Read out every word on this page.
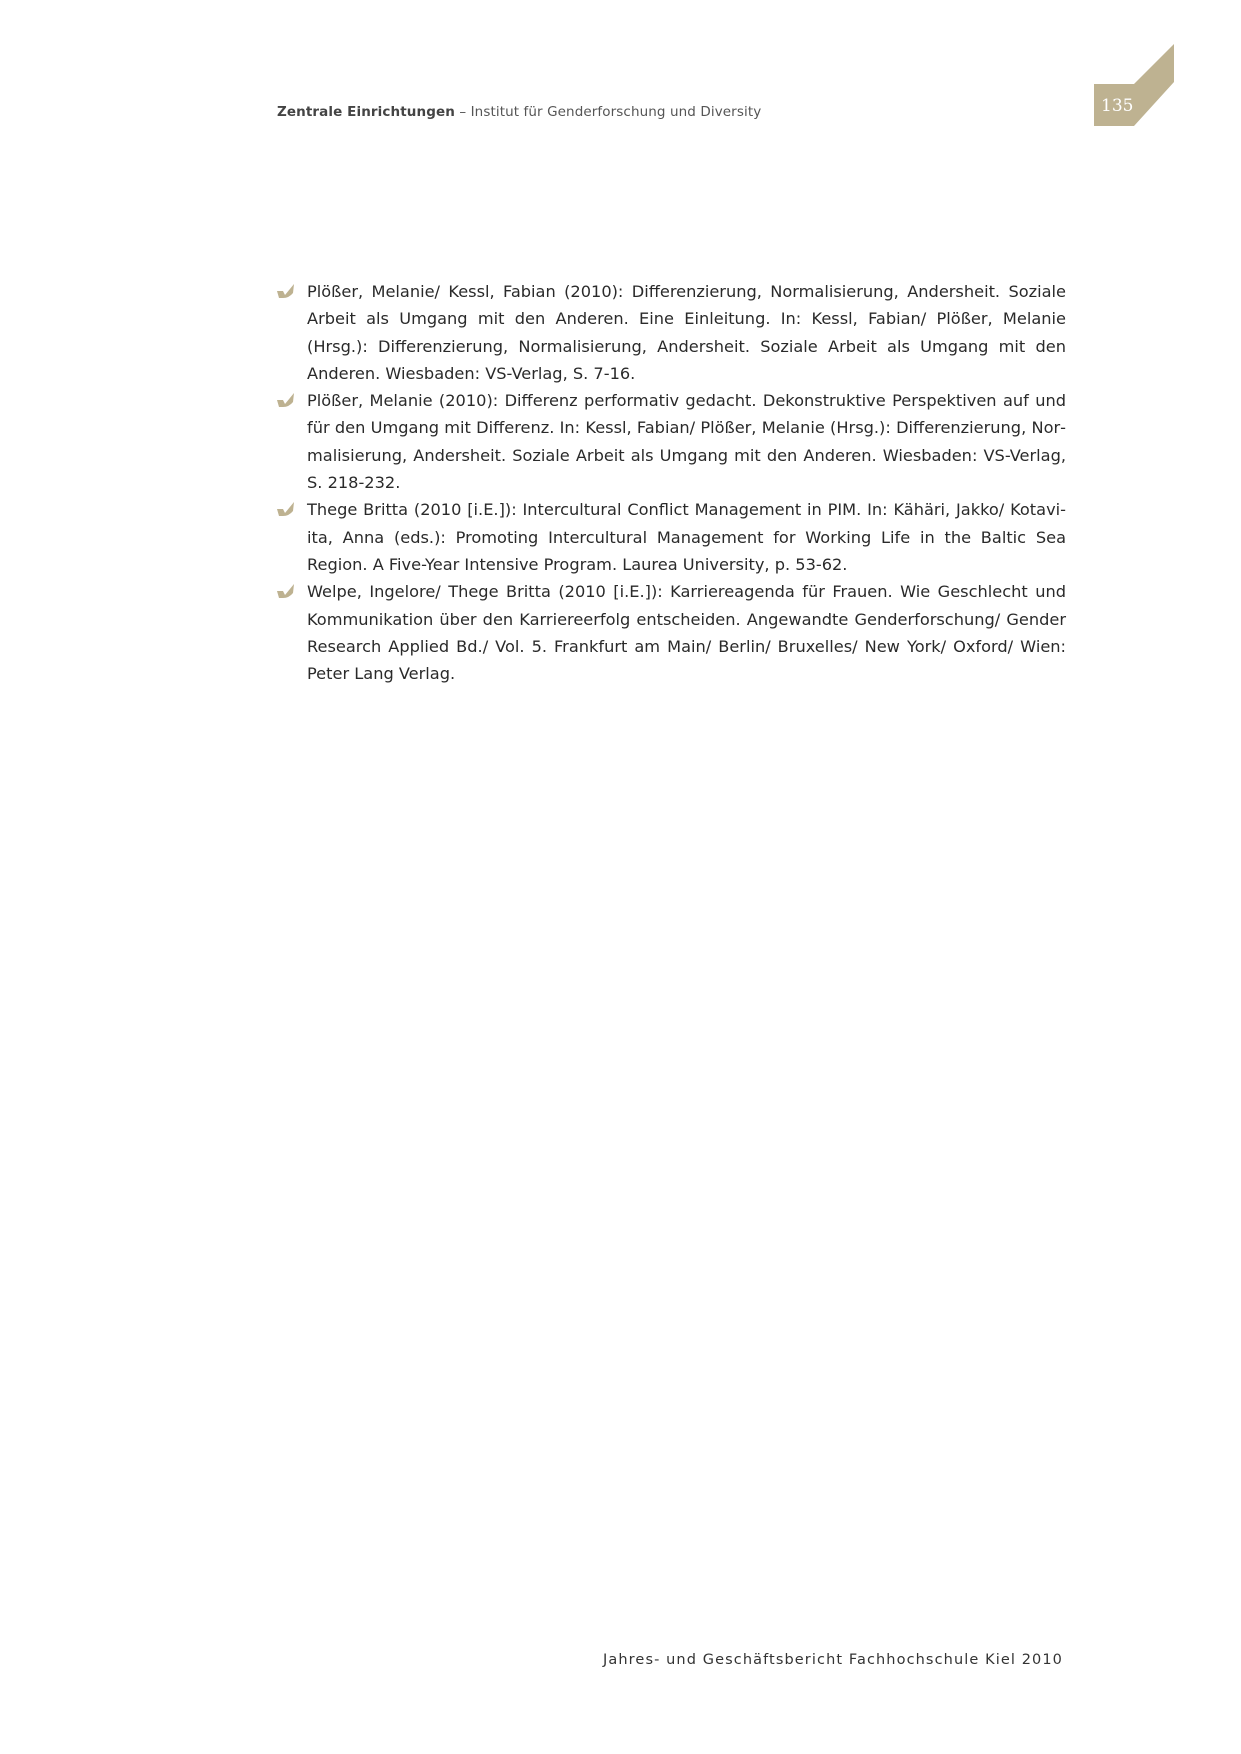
Zentrale Einrichtungen – Institut für Genderforschung und Diversity	135
Plößer, Melanie/ Kessl, Fabian (2010): Differenzierung, Normalisierung, Andersheit. Soziale Arbeit als Umgang mit den Anderen. Eine Einleitung. In: Kessl, Fabian/ Plößer, Melanie (Hrsg.): Differenzierung, Normalisierung, Andersheit. Soziale Arbeit als Umgang mit den Anderen. Wiesbaden: VS-Verlag, S. 7-16.
Plößer, Melanie (2010): Differenz performativ gedacht. Dekonstruktive Perspektiven auf und für den Umgang mit Differenz. In: Kessl, Fabian/ Plößer, Melanie (Hrsg.): Differenzierung, Normalisierung, Andersheit. Soziale Arbeit als Umgang mit den Anderen. Wiesbaden: VS-Verlag, S. 218-232.
Thege Britta (2010 [i.E.]): Intercultural Conflict Management in PIM. In: Kähäri, Jakko/ Kotaviita, Anna (eds.): Promoting Intercultural Management for Working Life in the Baltic Sea Region. A Five-Year Intensive Program. Laurea University, p. 53-62.
Welpe, Ingelore/ Thege Britta (2010 [i.E.]): Karriereagenda für Frauen. Wie Geschlecht und Kommunikation über den Karriereerfolg entscheiden. Angewandte Genderforschung/ Gender Research Applied Bd./ Vol. 5. Frankfurt am Main/ Berlin/ Bruxelles/ New York/ Oxford/ Wien: Peter Lang Verlag.
Jahres- und Geschäftsbericht Fachhochschule Kiel 2010
